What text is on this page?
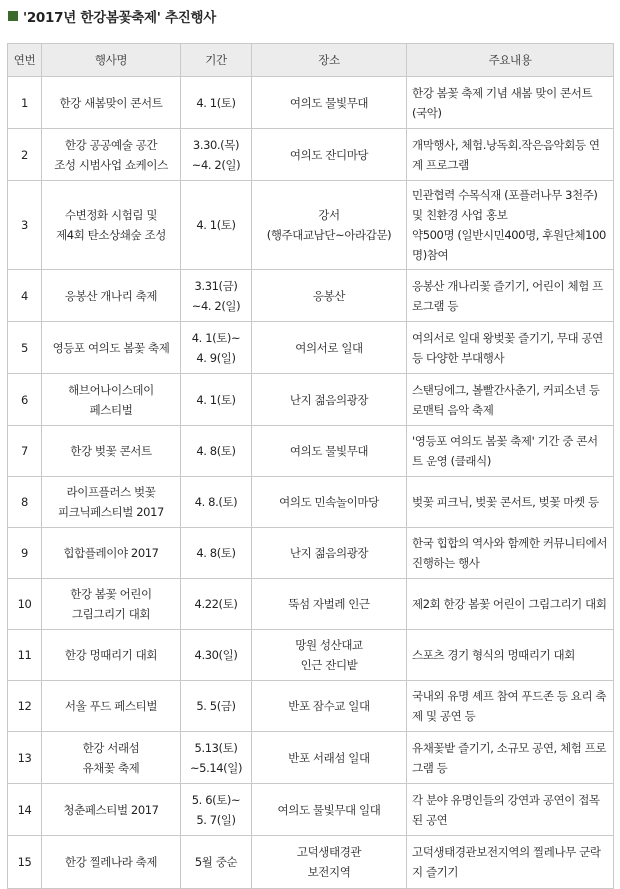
'2017년 한강봄꽃축제' 추진행사
연번	행사명	기간	장소	주요내용
1	한강 새봄맞이 콘서트	4. 1(토)	여의도 물빛무대	한강 봄꽃 축제 기념 새봄 맞이 콘서트 (국악)
2	한강 공공예술 공간
조성 시범사업 쇼케이스	3.30.(목)
~4. 2(일)	여의도 잔디마당	개막행사, 체험.낭독회.작은음악회등 연계 프로그램
3	수변정화 시험림 및
제4회 탄소상쇄숲 조성	4. 1(토)	강서
(행주대교남단~아라갑문)	민관협력 수목식재 (포플러나무 3천주)및 친환경 사업 홍보
약500명 (일반시민400명, 후원단체100명)참여
4	응봉산 개나리 축제	3.31(금)
~4. 2(일)	응봉산	응봉산 개나리꽃 즐기기, 어린이 체험 프로그램 등
5	영등포 여의도 봄꽃 축제	4. 1(토)~
4. 9(일)	여의서로 일대	여의서로 일대 왕벚꽃 즐기기, 무대 공연 등 다양한 부대행사
6	해브어나이스데이
페스티벌	4. 1(토)	난지 젊음의광장	스탠딩에그, 볼빨간사춘기, 커피소년 등 로맨틱 음악 축제
7	한강 벚꽃 콘서트	4. 8(토)	여의도 물빛무대	'영등포 여의도 봄꽃 축제' 기간 중 콘서트 운영 (클래식)
8	라이프플러스 벚꽃
피크닉페스티벌 2017	4. 8.(토)	여의도 민속놀이마당	벚꽃 피크닉, 벚꽃 콘서트, 벚꽃 마켓 등
9	힙합플레이야 2017	4. 8(토)	난지 젊음의광장	한국 힙합의 역사와 함께한 커뮤니티에서 진행하는 행사
10	한강 봄꽃 어린이
그림그리기 대회	4.22(토)	뚝섬 자벌레 인근	제2회 한강 봄꽃 어린이 그림그리기 대회
11	한강 멍때리기 대회	4.30(일)	망원 성산대교
인근 잔디밭	스포츠 경기 형식의 멍때리기 대회
12	서울 푸드 페스티벌	5. 5(금)	반포 잠수교 일대	국내외 유명 셰프 참여 푸드존 등 요리 축제 및 공연 등
13	한강 서래섬
유채꽃 축제	5.13(토)
~5.14(일)	반포 서래섬 일대	유채꽃밭 즐기기, 소규모 공연, 체험 프로그램 등
14	청춘페스티벌 2017	5. 6(토)~
5. 7(일)	여의도 물빛무대 일대	각 분야 유명인들의 강연과 공연이 접목된 공연
15	한강 찔레나라 축제	5월 중순	고덕생태경관
보전지역	고덕생태경관보전지역의 찔레나무 군락지 즐기기
